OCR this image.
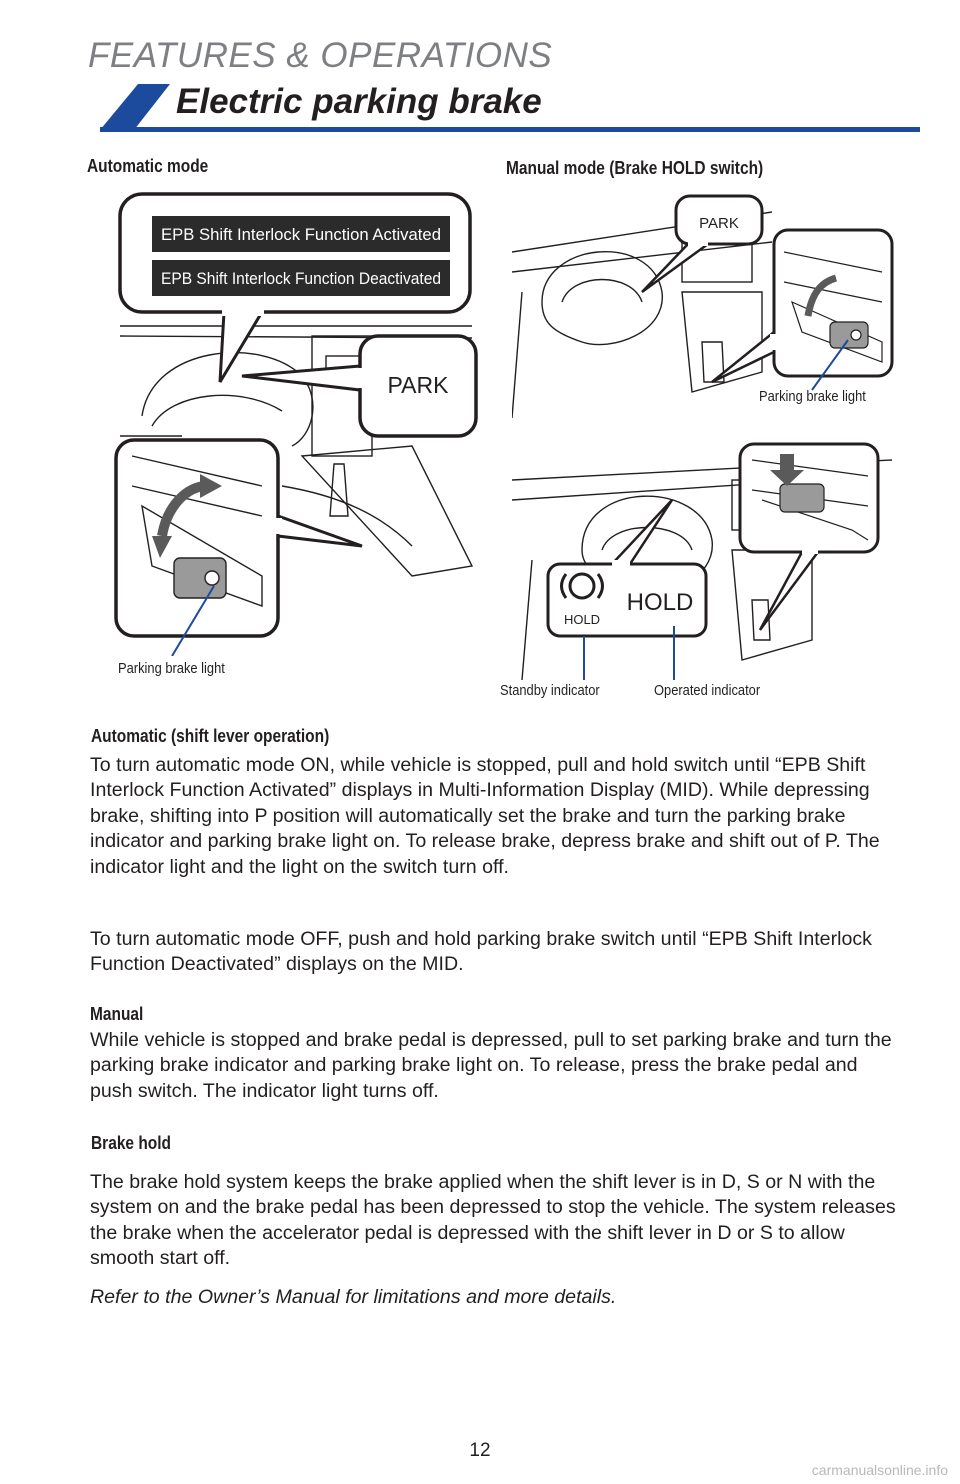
FEATURES & OPERATIONS
Electric parking brake
Automatic mode	Manual mode (Brake HOLD switch)
EPB Shift Interlock Function Activated
EPB Shift Interlock Function Deactivated
PARK
Parking brake light
PARK
Parking brake light
HOLD
HOLD
Standby indicator	Operated indicator
Automatic (shift lever operation)

To turn automatic mode ON, while vehicle is stopped, pull and hold switch until “EPB Shift Interlock Function Activated” displays in Multi-Information Display (MID). While depressing brake, shifting into P position will automatically set the brake and turn the parking brake indicator and parking brake light on. To release brake, depress brake and shift out of P. The indicator light and the light on the switch turn off.

To turn automatic mode OFF, push and hold parking brake switch until “EPB Shift Interlock Function Deactivated” displays on the MID.

Manual

While vehicle is stopped and brake pedal is depressed, pull to set parking brake and turn the parking brake indicator and parking brake light on. To release, press the brake pedal and push switch. The indicator light turns off.

Brake hold

The brake hold system keeps the brake applied when the shift lever is in D, S or N with the system on and the brake pedal has been depressed to stop the vehicle. The system releases the brake when the accelerator pedal is depressed with the shift lever in D or S to allow smooth start off.

Refer to the Owner’s Manual for limitations and more details.
12
carmanualsonline.info
